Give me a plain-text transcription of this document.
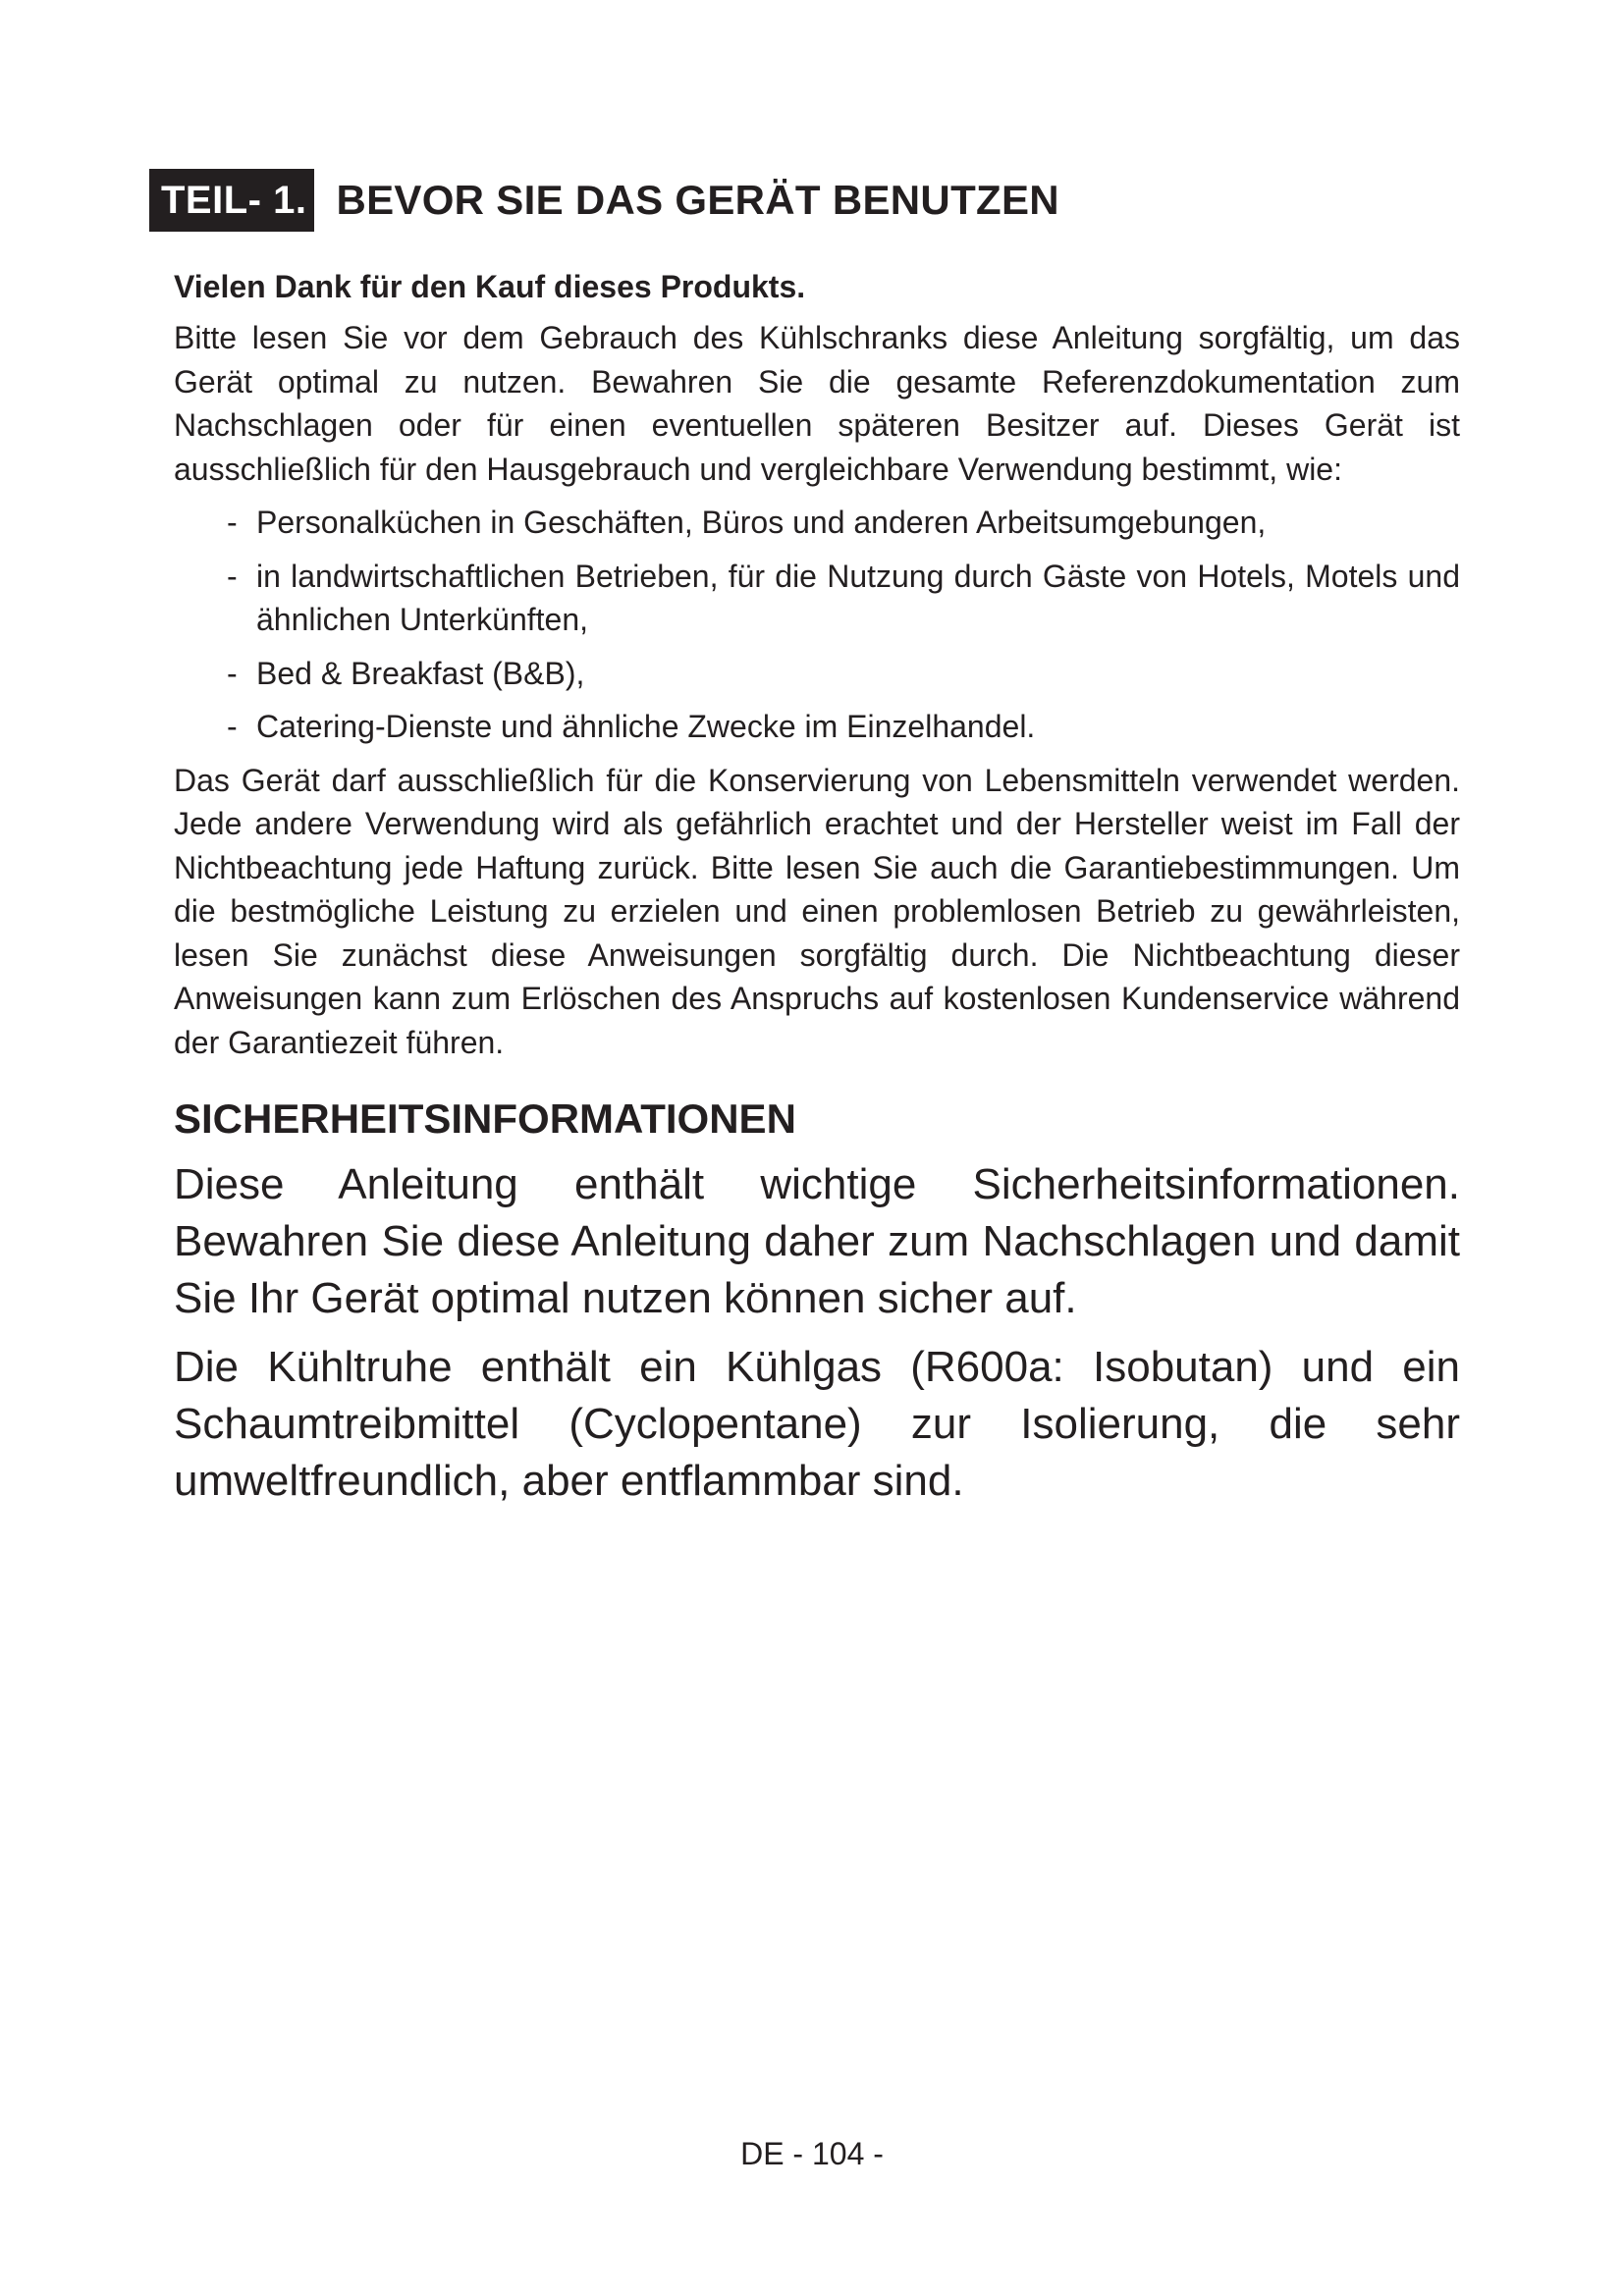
TEIL- 1. BEVOR SIE DAS GERÄT BENUTZEN

Vielen Dank für den Kauf dieses Produkts.

Bitte lesen Sie vor dem Gebrauch des Kühlschranks diese Anleitung sorgfältig, um das Gerät optimal zu nutzen. Bewahren Sie die gesamte Referenzdokumentation zum Nachschlagen oder für einen eventuellen späteren Besitzer auf. Dieses Gerät ist ausschließlich für den Hausgebrauch und vergleichbare Verwendung bestimmt, wie:

- Personalküchen in Geschäften, Büros und anderen Arbeitsumgebungen,
- in landwirtschaftlichen Betrieben, für die Nutzung durch Gäste von Hotels, Motels und ähnlichen Unterkünften,
- Bed & Breakfast (B&B),
- Catering-Dienste und ähnliche Zwecke im Einzelhandel.

Das Gerät darf ausschließlich für die Konservierung von Lebensmitteln verwendet werden. Jede andere Verwendung wird als gefährlich erachtet und der Hersteller weist im Fall der Nichtbeachtung jede Haftung zurück. Bitte lesen Sie auch die Garantiebestimmungen. Um die bestmögliche Leistung zu erzielen und einen problemlosen Betrieb zu gewährleisten, lesen Sie zunächst diese Anweisungen sorgfältig durch. Die Nichtbeachtung dieser Anweisungen kann zum Erlöschen des Anspruchs auf kostenlosen Kundenservice während der Garantiezeit führen.

SICHERHEITSINFORMATIONEN

Diese Anleitung enthält wichtige Sicherheitsinformationen. Bewahren Sie diese Anleitung daher zum Nachschlagen und damit Sie Ihr Gerät optimal nutzen können sicher auf.

Die Kühltruhe enthält ein Kühlgas (R600a: Isobutan) und ein Schaumtreibmittel (Cyclopentane) zur Isolierung, die sehr umweltfreundlich, aber entflammbar sind.

DE - 104 -
